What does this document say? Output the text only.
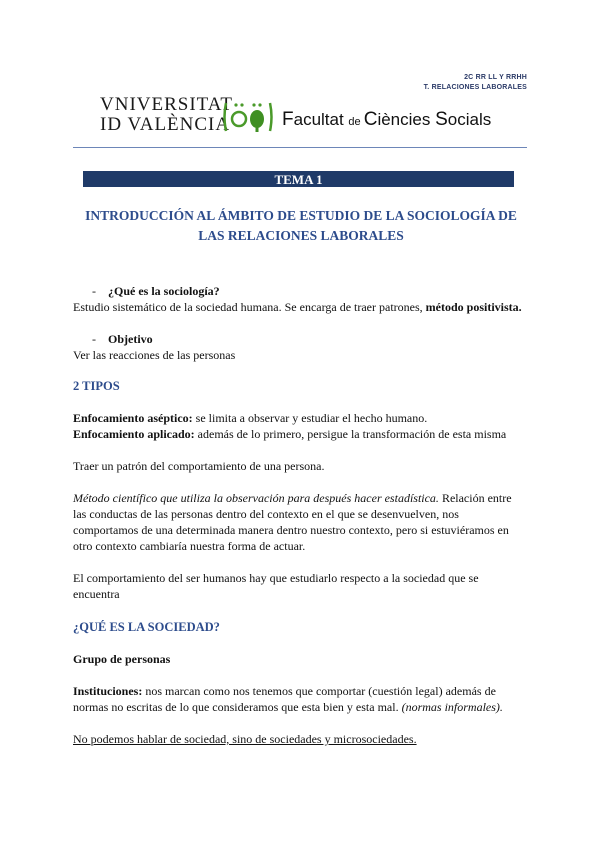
2C RR LL Y RRHH
T. RELACIONES LABORALES
VNIVERSITAT
ID VALÈNCIA	Facultat de Ciències Socials
TEMA 1
INTRODUCCIÓN AL ÁMBITO DE ESTUDIO DE LA SOCIOLOGÍA DE
LAS RELACIONES LABORALES
- ¿Qué es la sociología?
Estudio sistemático de la sociedad humana. Se encarga de traer patrones, método positivista.
- Objetivo
Ver las reacciones de las personas
2 TIPOS
Enfocamiento aséptico: se limita a observar y estudiar el hecho humano.
Enfocamiento aplicado: además de lo primero, persigue la transformación de esta misma
Traer un patrón del comportamiento de una persona.
Método científico que utiliza la observación para después hacer estadística. Relación entre
las conductas de las personas dentro del contexto en el que se desenvuelven, nos
comportamos de una determinada manera dentro nuestro contexto, pero si estuviéramos en
otro contexto cambiaría nuestra forma de actuar.
El comportamiento del ser humanos hay que estudiarlo respecto a la sociedad que se
encuentra
¿QUÉ ES LA SOCIEDAD?
Grupo de personas
Instituciones: nos marcan como nos tenemos que comportar (cuestión legal) además de
normas no escritas de lo que consideramos que esta bien y esta mal. (normas informales).
No podemos hablar de sociedad, sino de sociedades y microsociedades.
